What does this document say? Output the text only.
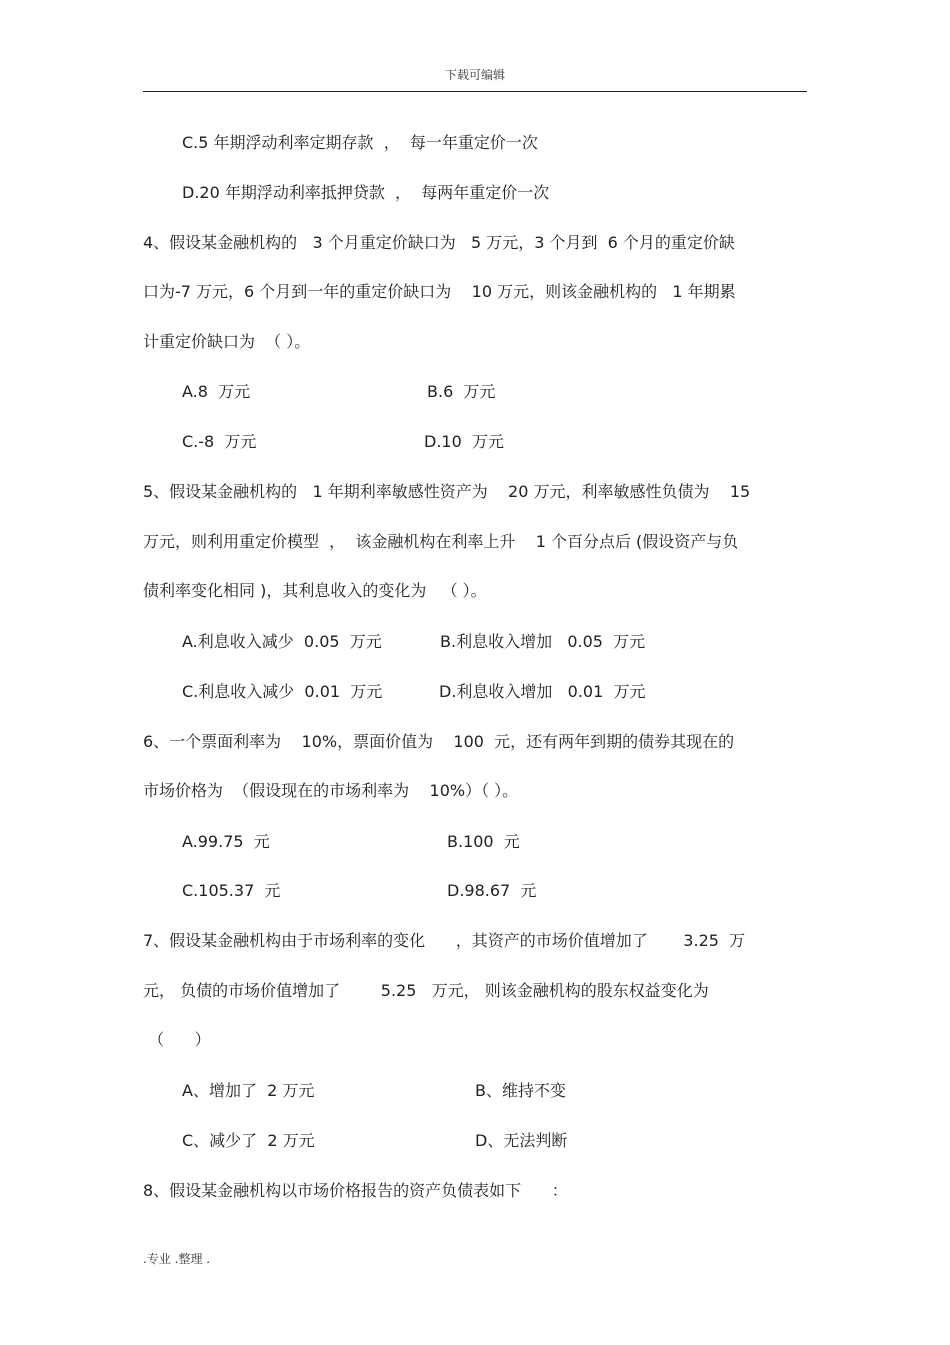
下载可编辑
C.5 年期浮动利率定期存款  ，  每一年重定价一次
D.20 年期浮动利率抵押贷款  ，  每两年重定价一次
4、假设某金融机构的   3 个月重定价缺口为   5 万元，3 个月到  6 个月的重定价缺
口为-7 万元，6 个月到一年的重定价缺口为    10 万元，则该金融机构的   1 年期累
计重定价缺口为  （ ）。
A.8  万元	B.6  万元
C.-8  万元	D.10  万元
5、假设某金融机构的   1 年期利率敏感性资产为    20 万元，利率敏感性负债为    15
万元，则利用重定价模型  ，  该金融机构在利率上升    1 个百分点后 (假设资产与负
债利率变化相同 )，其利息收入的变化为   （ ）。
A.利息收入减少  0.05  万元	B.利息收入增加   0.05  万元
C.利息收入减少  0.01  万元	D.利息收入增加   0.01  万元
6、一个票面利率为    10%，票面价值为    100  元，还有两年到期的债券其现在的
市场价格为  （假设现在的市场利率为    10%）（ ）。
A.99.75  元	B.100  元
C.105.37  元	D.98.67  元
7、假设某金融机构由于市场利率的变化      ，其资产的市场价值增加了       3.25  万
元， 负债的市场价值增加了        5.25   万元， 则该金融机构的股东权益变化为
（      ）
A、增加了  2 万元	B、维持不变
C、减少了  2 万元	D、无法判断
8、假设某金融机构以市场价格报告的资产负债表如下      ：
.专业 .整理 .
